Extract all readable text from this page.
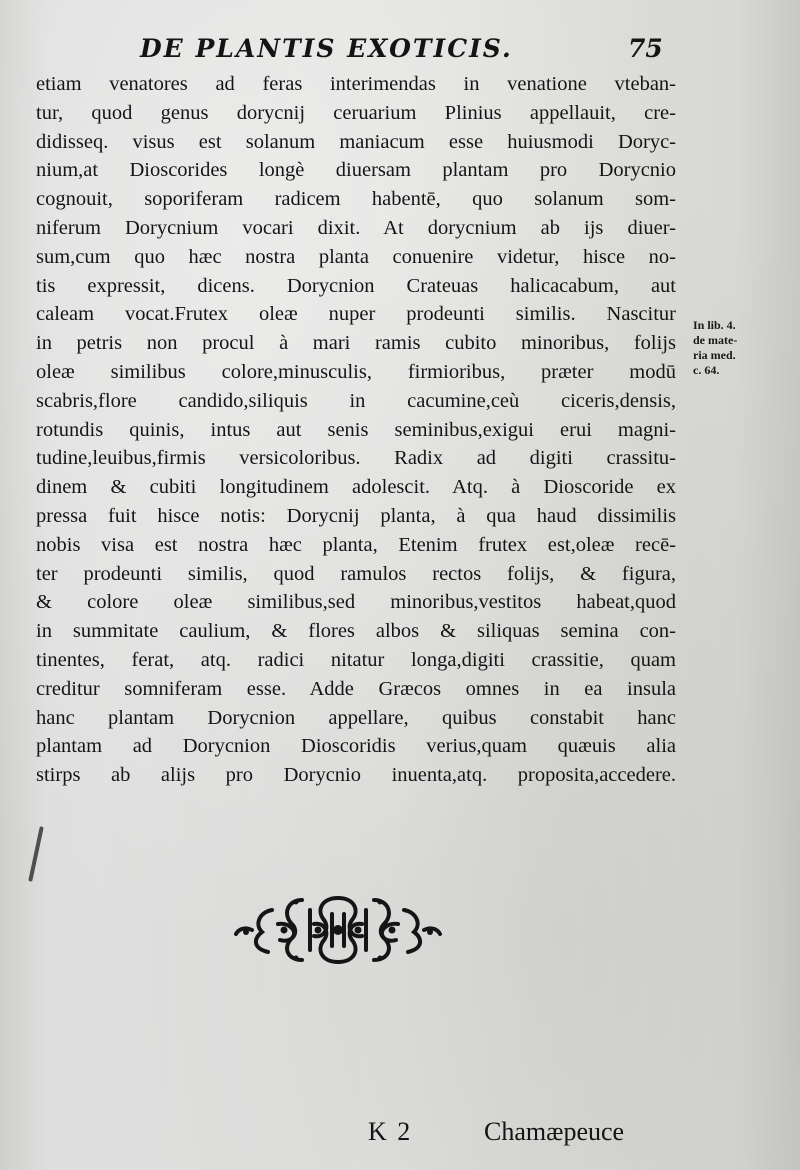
DE PLANTIS EXOTICIS.	75
etiam venatores ad feras interimendas in venatione vteban-
tur, quod genus dorycnij ceruarium Plinius appellauit, cre-
didisseq. visus est solanum maniacum esse huiusmodi Doryc-
nium,at Dioscorides longè diuersam plantam pro Dorycnio
cognouit, soporiferam radicem habentē, quo solanum som-
niferum Dorycnium vocari dixit. At dorycnium ab ijs diuer-
sum,cum quo hæc nostra planta conuenire videtur, hisce no-
tis expressit, dicens. Dorycnion Crateuas halicacabum, aut
caleam vocat.Frutex oleæ nuper prodeunti similis. Nascitur
in petris non procul à mari ramis cubito minoribus, folijs
oleæ similibus colore,minusculis, firmioribus, præter modū
scabris,flore candido,siliquis in cacumine,ceù ciceris,densis,
rotundis quinis, intus aut senis seminibus,exigui erui magni-
tudine,leuibus,firmis versicoloribus. Radix ad digiti crassitu-
dinem & cubiti longitudinem adolescit. Atq. à Dioscoride ex
pressa fuit hisce notis: Dorycnij planta, à qua haud dissimilis
nobis visa est nostra hæc planta, Etenim frutex est,oleæ recē-
ter prodeunti similis, quod ramulos rectos folijs, & figura,
& colore oleæ similibus,sed minoribus,vestitos habeat,quod
in summitate caulium, & flores albos & siliquas semina con-
tinentes, ferat, atq. radici nitatur longa,digiti crassitie, quam
creditur somniferam esse. Adde Græcos omnes in ea insula
hanc plantam Dorycnion appellare, quibus constabit hanc
plantam ad Dorycnion Dioscoridis verius,quam quæuis alia
stirps ab alijs pro Dorycnio inuenta,atq. proposita,accedere.
In lib. 4.
de mate-
ria med.
c. 64.
K 2	Chamæpeuce
